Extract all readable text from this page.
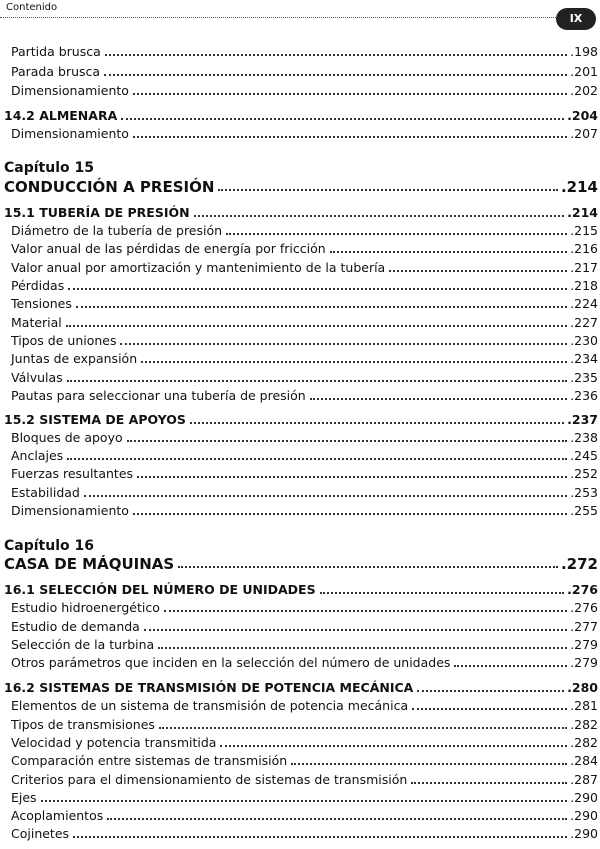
Contenido
IX
Partida brusca	.198
Parada brusca	.201
Dimensionamiento	.202
14.2 ALMENARA	.204
Dimensionamiento	.207
Capítulo 15
CONDUCCIÓN A PRESIÓN	.214
15.1 TUBERÍA DE PRESIÓN	.214
Diámetro de la tubería de presión	.215
Valor anual de las pérdidas de energía por fricción	.216
Valor anual por amortización y mantenimiento de la tubería	.217
Pérdidas	.218
Tensiones	.224
Material	.227
Tipos de uniones	.230
Juntas de expansión	.234
Válvulas	.235
Pautas para seleccionar una tubería de presión	.236
15.2 SISTEMA DE APOYOS	.237
Bloques de apoyo	.238
Anclajes	.245
Fuerzas resultantes	.252
Estabilidad	.253
Dimensionamiento	.255
Capítulo 16
CASA DE MÁQUINAS	.272
16.1 SELECCIÓN DEL NÚMERO DE UNIDADES	.276
Estudio hidroenergético	.276
Estudio de demanda	.277
Selección de la turbina	.279
Otros parámetros que inciden en la selección del número de unidades	.279
16.2 SISTEMAS DE TRANSMISIÓN DE POTENCIA MECÁNICA	.280
Elementos de un sistema de transmisión de potencia mecánica	.281
Tipos de transmisiones	.282
Velocidad y potencia transmitida	.282
Comparación entre sistemas de transmisión	.284
Criterios para el dimensionamiento de sistemas de transmisión	.287
Ejes	.290
Acoplamientos	.290
Cojinetes	.290
